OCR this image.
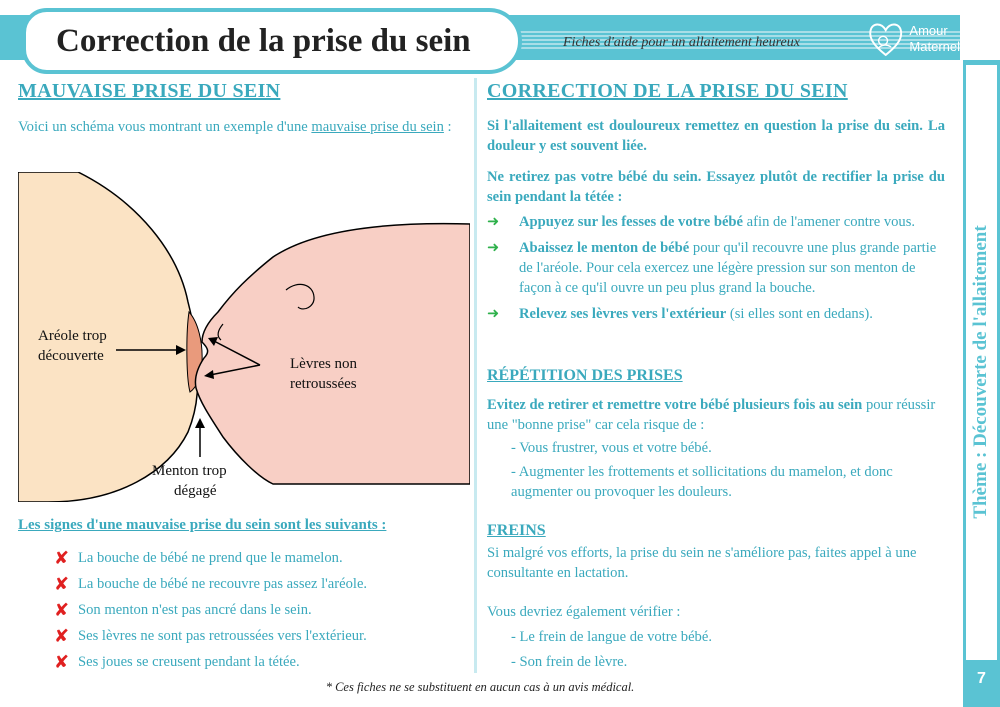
Correction de la prise du sein	Fiches d'aide pour un allaitement heureux
Amour
Maternel
Thème : Découverte de l'allaitement
7
MAUVAISE PRISE DU SEIN
Voici un schéma vous montrant un exemple d'une mauvaise prise du sein :
Aréole trop
découverte	Lèvres non
retroussées
Menton trop
dégagé
Les signes d'une mauvaise prise du sein sont les suivants :
✘ La bouche de bébé ne prend que le mamelon.
✘ La bouche de bébé ne recouvre pas assez l'aréole.
✘ Son menton n'est pas ancré dans le sein.
✘ Ses lèvres ne sont pas retroussées vers l'extérieur.
✘ Ses joues se creusent pendant la tétée.
CORRECTION DE LA PRISE DU SEIN
Si l'allaitement est douloureux remettez en question la prise du sein. La douleur y est souvent liée.
Ne retirez pas votre bébé du sein. Essayez plutôt de rectifier la prise du sein pendant la tétée :
➜	Appuyez sur les fesses de votre bébé afin de l'amener contre vous.
➜	Abaissez le menton de bébé pour qu'il recouvre une plus grande partie de l'aréole. Pour cela exercez une légère pression sur son menton de façon à ce qu'il ouvre un peu plus grand la bouche.
➜	Relevez ses lèvres vers l'extérieur (si elles sont en dedans).
RÉPÉTITION DES PRISES
Evitez de retirer et remettre votre bébé plusieurs fois au sein pour réussir une "bonne prise" car cela risque de :
- Vous frustrer, vous et votre bébé.
- Augmenter les frottements et sollicitations du mamelon, et donc augmenter ou provoquer les douleurs.
FREINS
Si malgré vos efforts, la prise du sein ne s'améliore pas, faites appel à une consultante en lactation.
Vous devriez également vérifier :
- Le frein de langue de votre bébé.
- Son frein de lèvre.
* Ces fiches ne se substituent en aucun cas à un avis médical.
